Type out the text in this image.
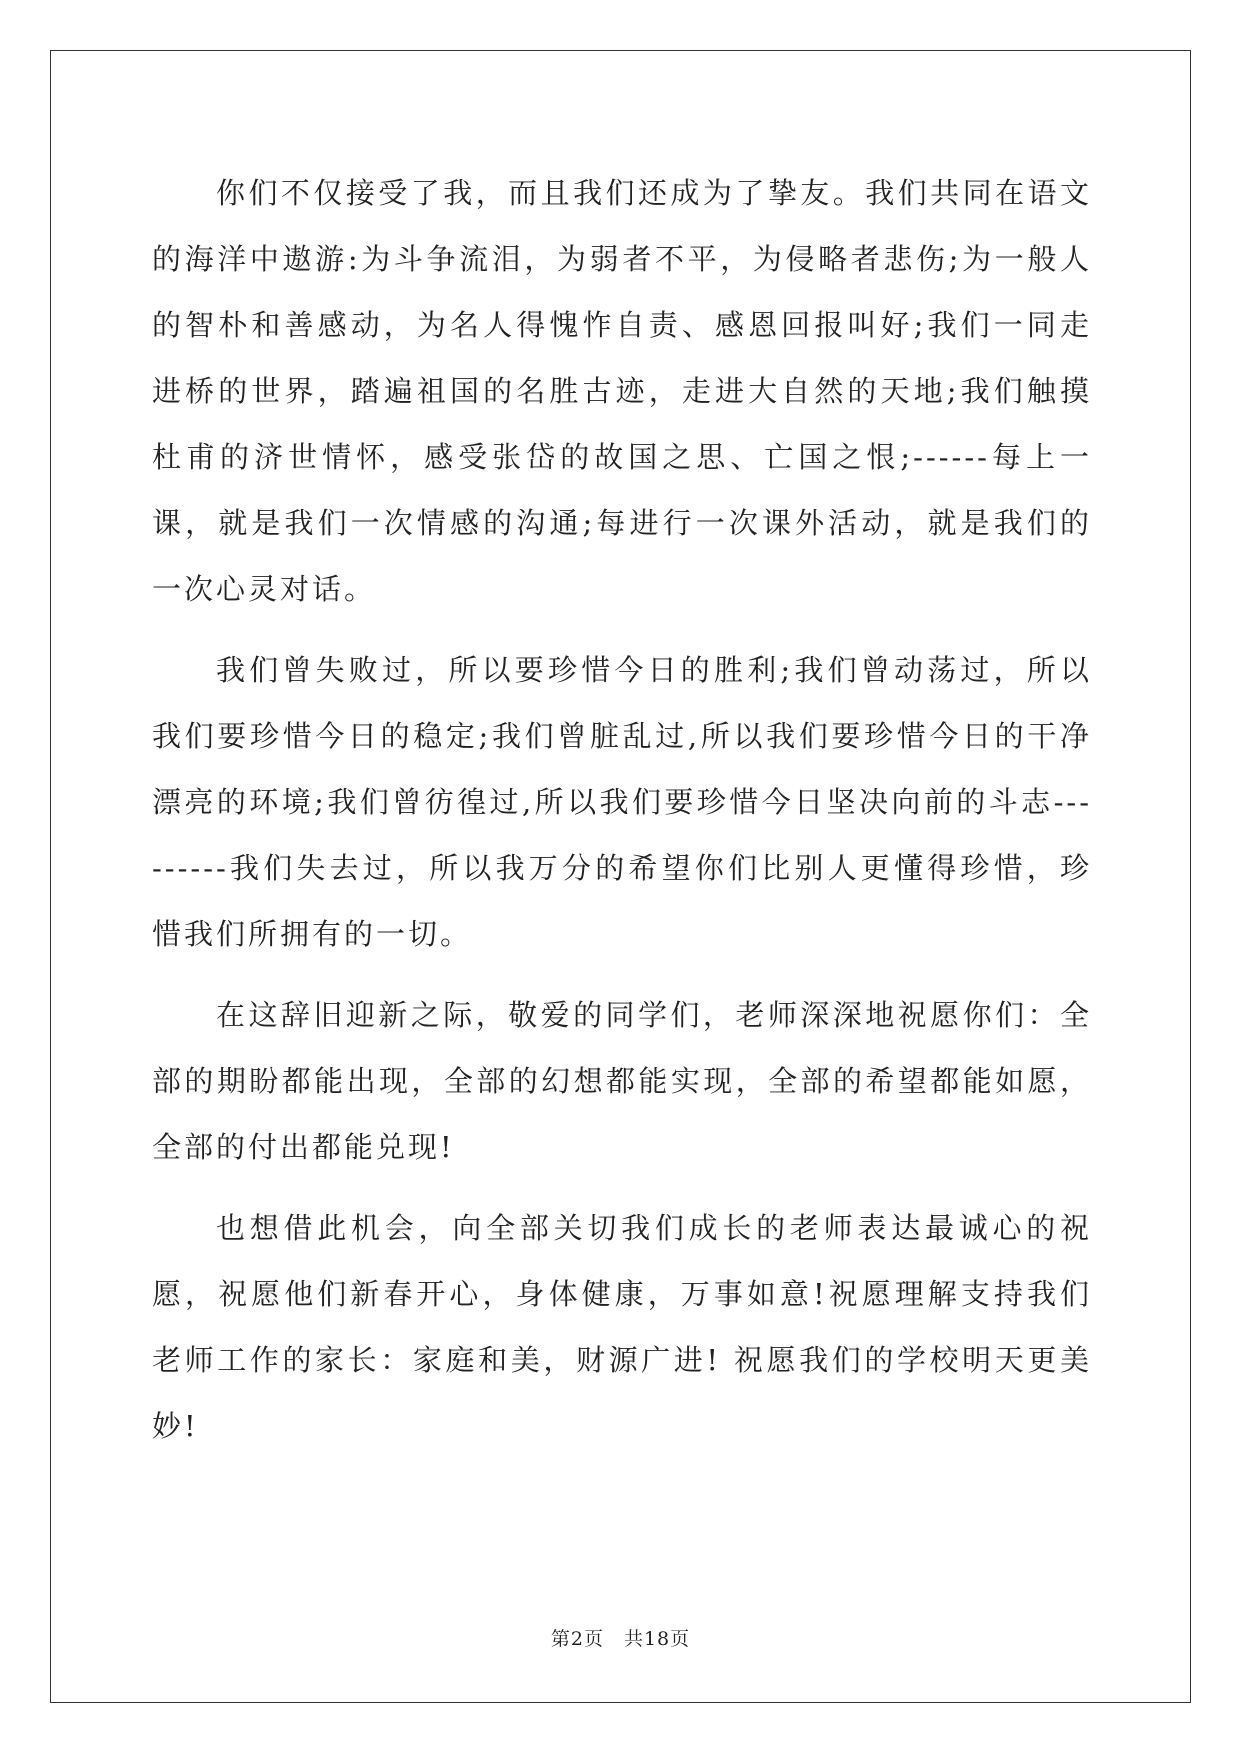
你们不仅接受了我，而且我们还成为了挚友。我们共同在语文的海洋中遨游:为斗争流泪，为弱者不平，为侵略者悲伤;为一般人的智朴和善感动，为名人得愧怍自责、感恩回报叫好;我们一同走进桥的世界，踏遍祖国的名胜古迹，走进大自然的天地;我们触摸杜甫的济世情怀，感受张岱的故国之思、亡国之恨;------每上一课，就是我们一次情感的沟通;每进行一次课外活动，就是我们的一次心灵对话。

我们曾失败过，所以要珍惜今日的胜利;我们曾动荡过，所以我们要珍惜今日的稳定;我们曾脏乱过,所以我们要珍惜今日的干净漂亮的环境;我们曾彷徨过,所以我们要珍惜今日坚决向前的斗志---------我们失去过，所以我万分的希望你们比别人更懂得珍惜，珍惜我们所拥有的一切。

在这辞旧迎新之际，敬爱的同学们，老师深深地祝愿你们：全部的期盼都能出现，全部的幻想都能实现，全部的希望都能如愿，全部的付出都能兑现!

也想借此机会，向全部关切我们成长的老师表达最诚心的祝愿，祝愿他们新春开心，身体健康，万事如意!祝愿理解支持我们老师工作的家长：家庭和美，财源广进! 祝愿我们的学校明天更美妙!

第2页　共18页
